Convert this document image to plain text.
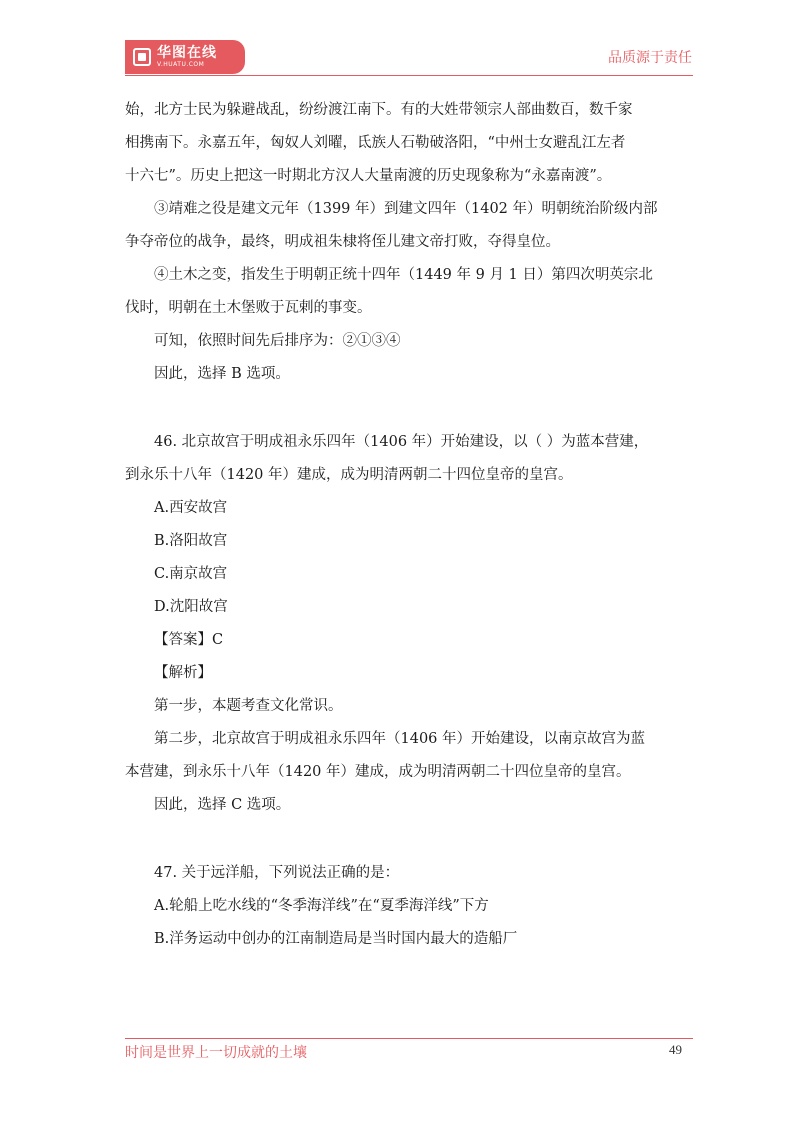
华图在线
V.HUATU.COM
SINCE 2001
品质源于责任

始，北方士民为躲避战乱，纷纷渡江南下。有的大姓带领宗人部曲数百，数千家

相携南下。永嘉五年，匈奴人刘曜，氐族人石勒破洛阳，“中州士女避乱江左者

十六七”。历史上把这一时期北方汉人大量南渡的历史现象称为“永嘉南渡”。

③靖难之役是建文元年（1399 年）到建文四年（1402 年）明朝统治阶级内部

争夺帝位的战争，最终，明成祖朱棣将侄儿建文帝打败，夺得皇位。

④土木之变，指发生于明朝正统十四年（1449 年 9 月 1 日）第四次明英宗北

伐时，明朝在土木堡败于瓦剌的事变。

可知，依照时间先后排序为：②①③④

因此，选择 B 选项。

46. 北京故宫于明成祖永乐四年（1406 年）开始建设，以（ ）为蓝本营建，

到永乐十八年（1420 年）建成，成为明清两朝二十四位皇帝的皇宫。

A.西安故宫

B.洛阳故宫

C.南京故宫

D.沈阳故宫

【答案】C

【解析】

第一步，本题考查文化常识。

第二步，北京故宫于明成祖永乐四年（1406 年）开始建设，以南京故宫为蓝

本营建，到永乐十八年（1420 年）建成，成为明清两朝二十四位皇帝的皇宫。

因此，选择 C 选项。

47. 关于远洋船，下列说法正确的是：

A.轮船上吃水线的“冬季海洋线”在“夏季海洋线”下方

B.洋务运动中创办的江南制造局是当时国内最大的造船厂

时间是世界上一切成就的土壤	49
